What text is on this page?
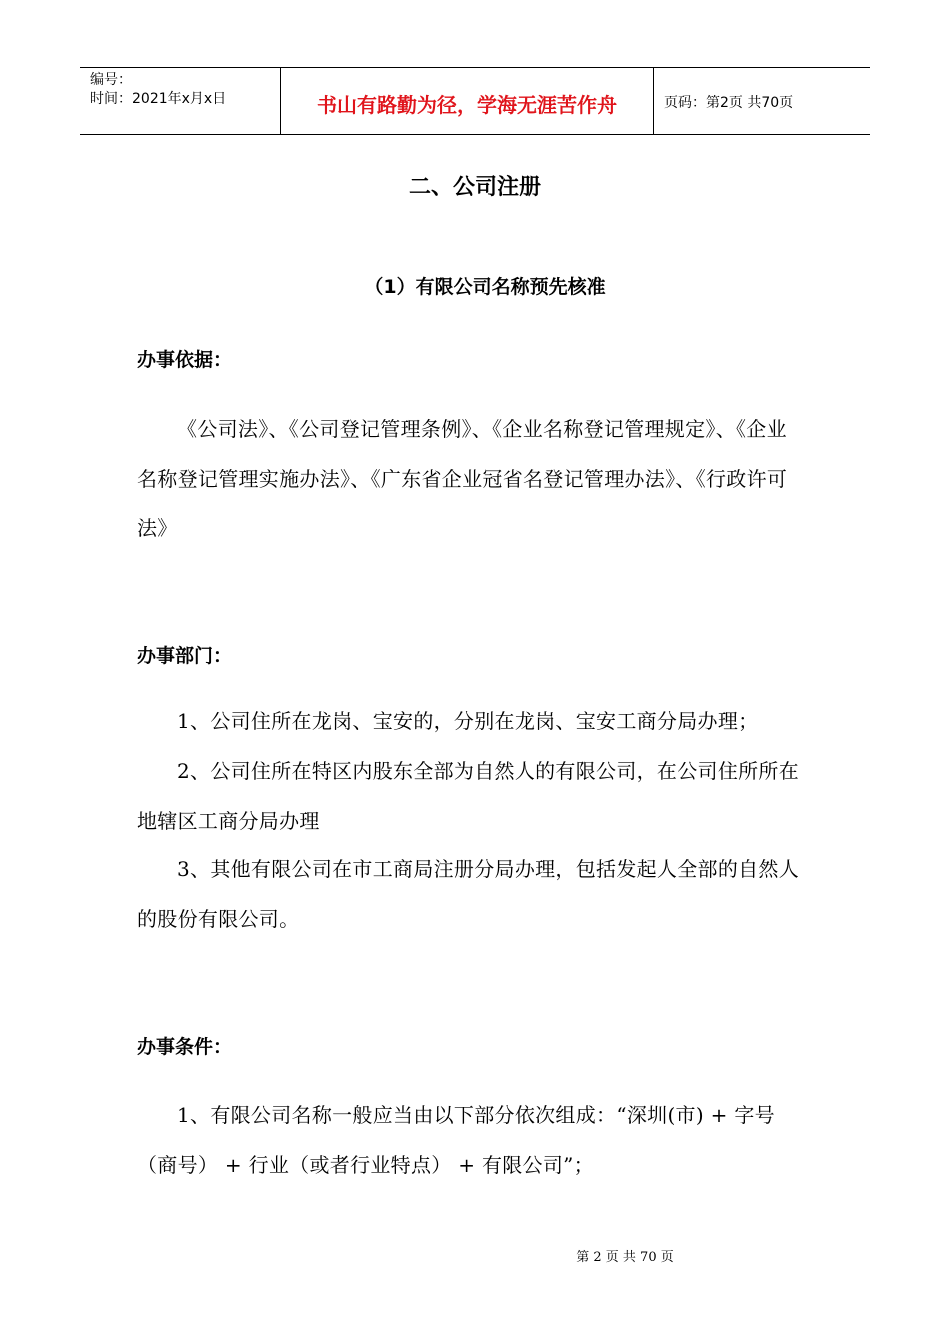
编号：
时间：2021年x月x日	书山有路勤为径，学海无涯苦作舟	页码：第2页 共70页
二、公司注册
（1）有限公司名称预先核准
办事依据：

《公司法》、《公司登记管理条例》、《企业名称登记管理规定》、《企业名称登记管理实施办法》、《广东省企业冠省名登记管理办法》、《行政许可法》

办事部门：

1、公司住所在龙岗、宝安的，分别在龙岗、宝安工商分局办理；

2、公司住所在特区内股东全部为自然人的有限公司，在公司住所所在地辖区工商分局办理

3、其他有限公司在市工商局注册分局办理，包括发起人全部的自然人的股份有限公司。

办事条件：

1、有限公司名称一般应当由以下部分依次组成：“深圳(市) + 字号（商号） + 行业（或者行业特点） + 有限公司”；

第 2 页 共 70 页
